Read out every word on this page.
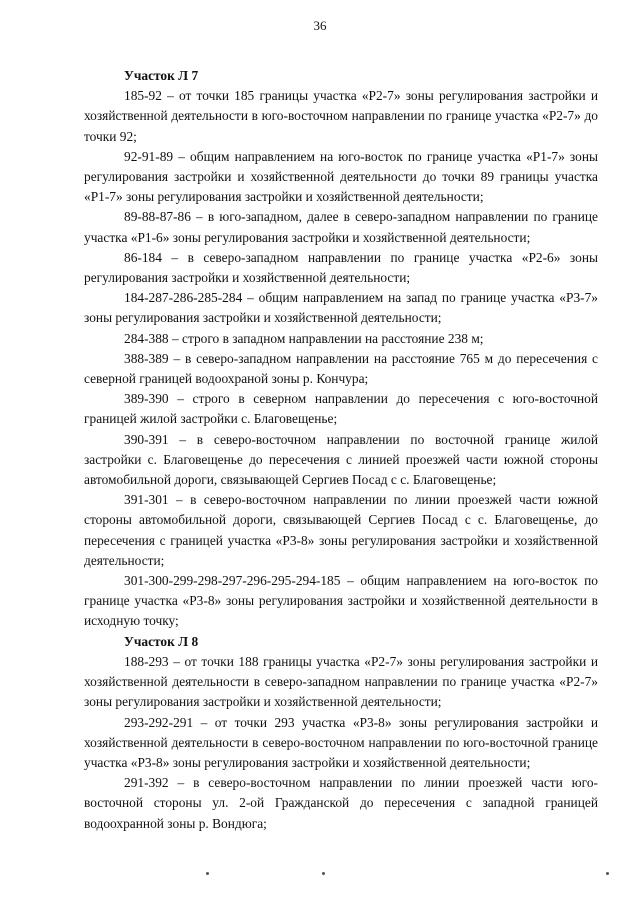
36

Участок Л 7

185-92 – от точки 185 границы участка «Р2-7» зоны регулирования застройки и хозяйственной деятельности в юго-восточном направлении по границе участка «Р2-7» до точки 92;

92-91-89 – общим направлением на юго-восток по границе участка «Р1-7» зоны регулирования застройки и хозяйственной деятельности до точки 89 границы участка «Р1-7» зоны регулирования застройки и хозяйственной деятельности;

89-88-87-86 – в юго-западном, далее в северо-западном направлении по границе участка «Р1-6» зоны регулирования застройки и хозяйственной деятельности;

86-184 – в северо-западном направлении по границе участка «Р2-6» зоны регулирования застройки и хозяйственной деятельности;

184-287-286-285-284 – общим направлением на запад по границе участка «Р3-7» зоны регулирования застройки и хозяйственной деятельности;

284-388 – строго в западном направлении на расстояние 238 м;

388-389 – в северо-западном направлении на расстояние 765 м до пересечения с северной границей водоохраной зоны р. Кончура;

389-390 – строго в северном направлении до пересечения с юго-восточной границей жилой застройки с. Благовещенье;

390-391 – в северо-восточном направлении по восточной границе жилой застройки с. Благовещенье до пересечения с линией проезжей части южной стороны автомобильной дороги, связывающей Сергиев Посад с с. Благовещенье;

391-301 – в северо-восточном направлении по линии проезжей части южной стороны автомобильной дороги, связывающей Сергиев Посад с с. Благовещенье, до пересечения с границей участка «Р3-8» зоны регулирования застройки и хозяйственной деятельности;

301-300-299-298-297-296-295-294-185 – общим направлением на юго-восток по границе участка «Р3-8» зоны регулирования застройки и хозяйственной деятельности в исходную точку;

Участок Л 8

188-293 – от точки 188 границы участка «Р2-7» зоны регулирования застройки и хозяйственной деятельности в северо-западном направлении по границе участка «Р2-7» зоны регулирования застройки и хозяйственной деятельности;

293-292-291 – от точки 293 участка «Р3-8» зоны регулирования застройки и хозяйственной деятельности в северо-восточном направлении по юго-восточной границе участка «Р3-8» зоны регулирования застройки и хозяйственной деятельности;

291-392 – в северо-восточном направлении по линии проезжей части юго-восточной стороны ул. 2-ой Гражданской до пересечения с западной границей водоохранной зоны р. Вондюга;
